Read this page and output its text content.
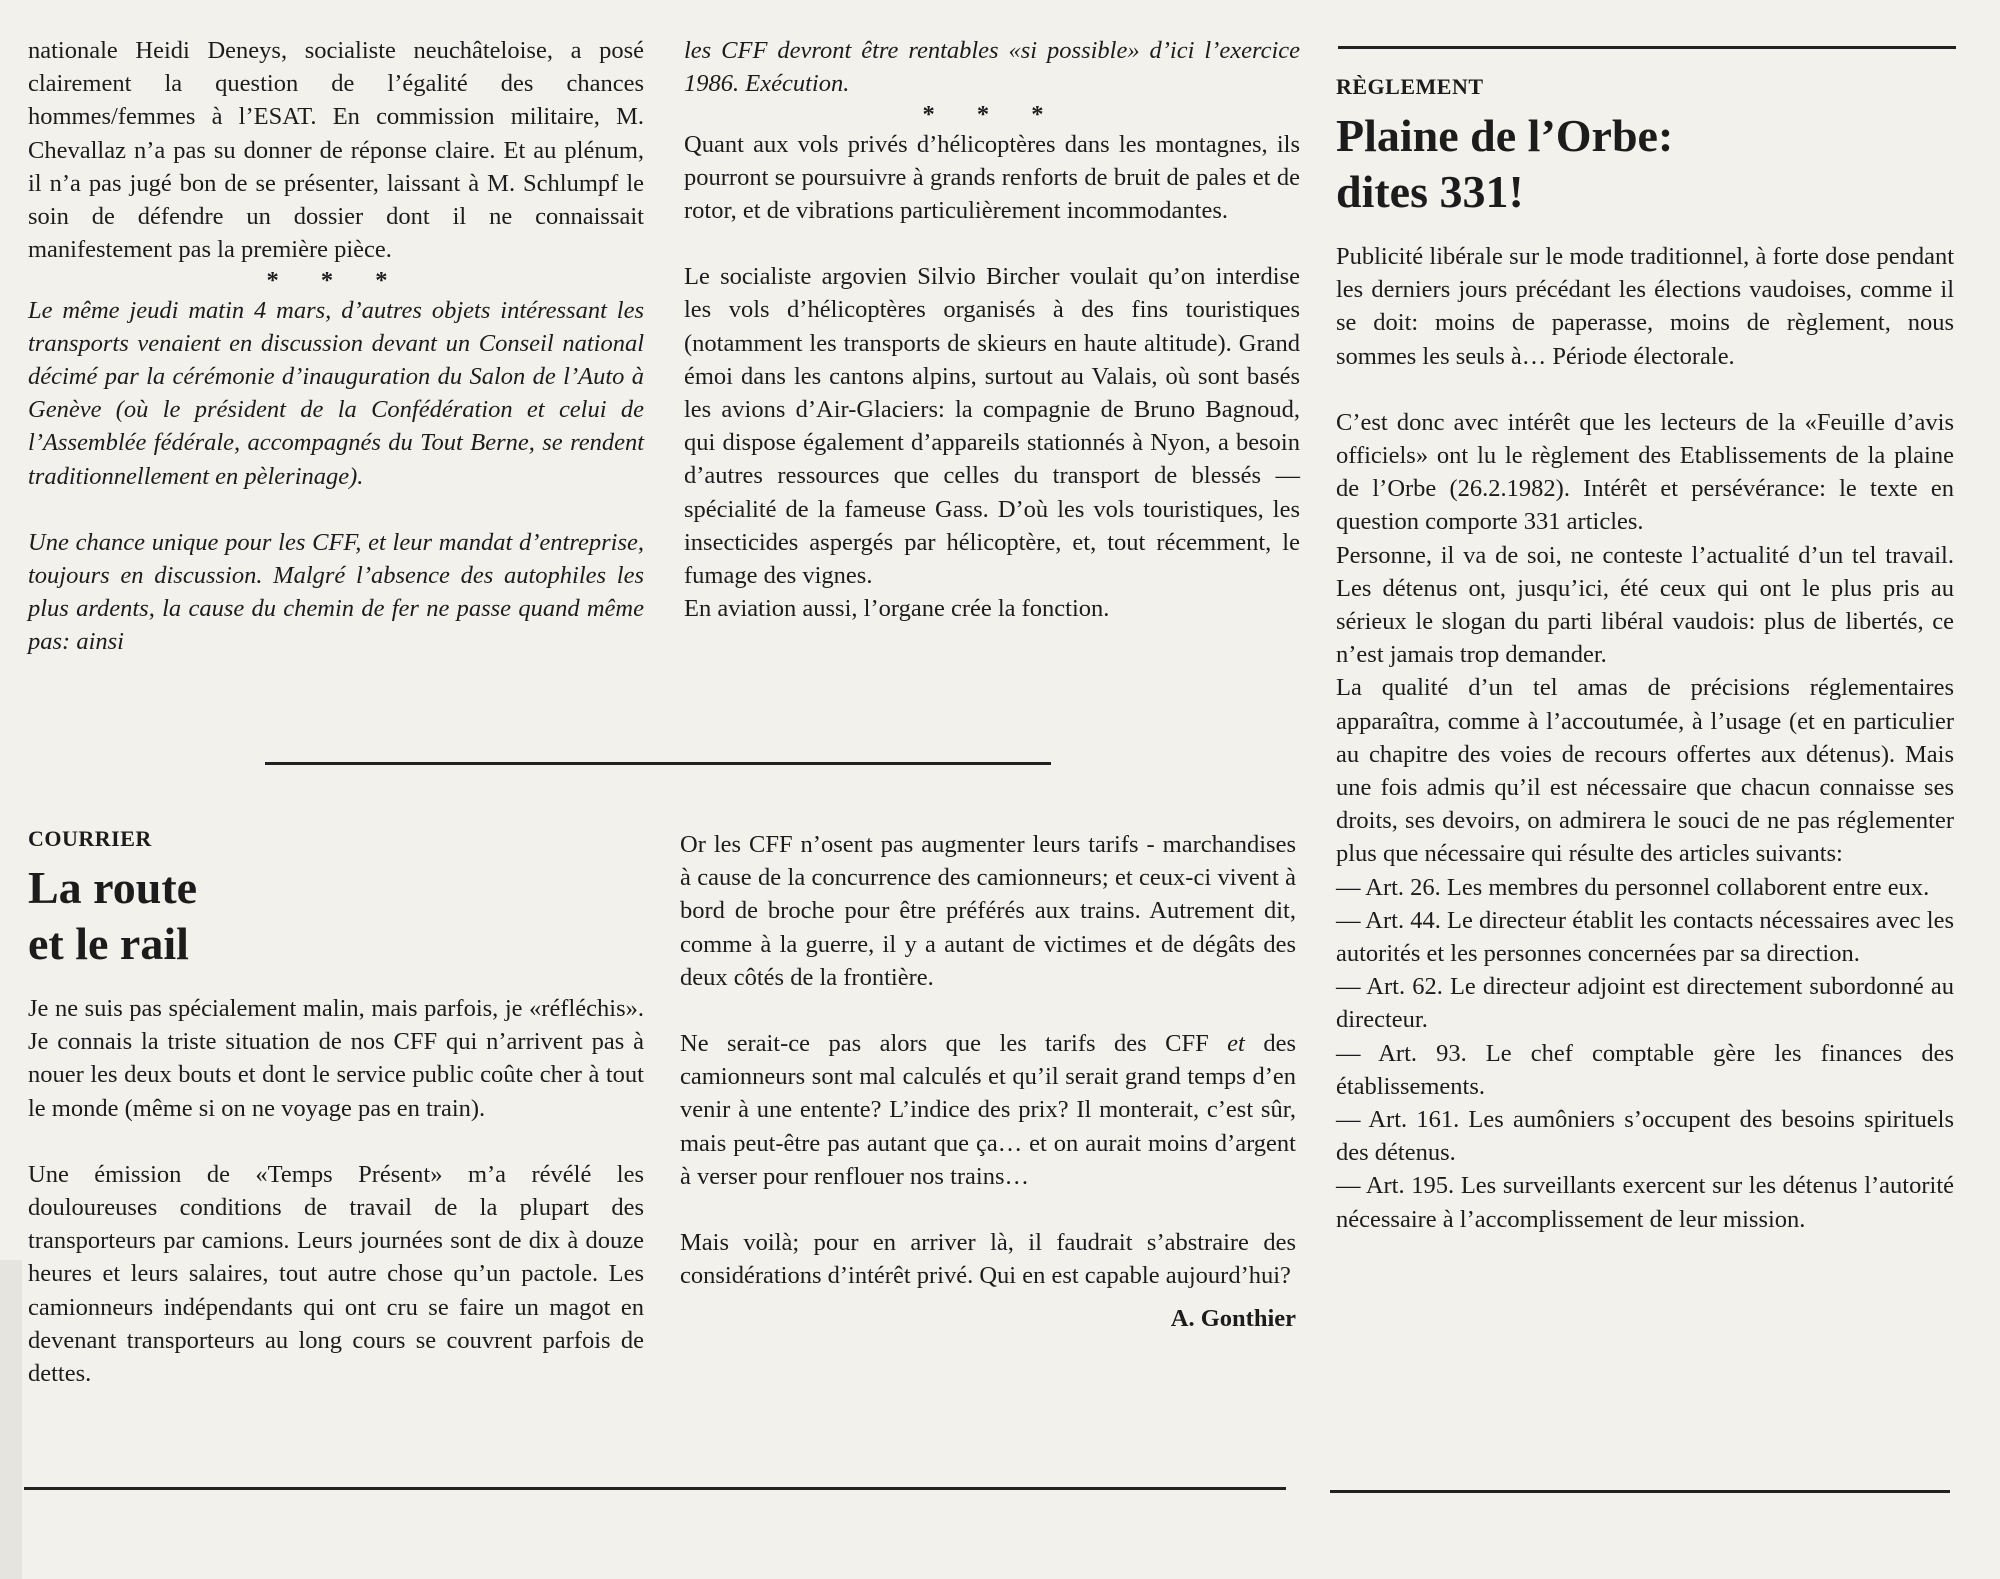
nationale Heidi Deneys, socialiste neuchâteloise, a posé clairement la question de l’égalité des chances hommes/femmes à l’ESAT. En commission militaire, M. Chevallaz n’a pas su donner de réponse claire. Et au plénum, il n’a pas jugé bon de se présenter, laissant à M. Schlumpf le soin de défendre un dossier dont il ne connaissait manifestement pas la première pièce.

* * *

Le même jeudi matin 4 mars, d’autres objets intéressant les transports venaient en discussion devant un Conseil national décimé par la cérémonie d’inauguration du Salon de l’Auto à Genève (où le président de la Confédération et celui de l’Assemblée fédérale, accompagnés du Tout Berne, se rendent traditionnellement en pèlerinage).

Une chance unique pour les CFF, et leur mandat d’entreprise, toujours en discussion. Malgré l’absence des autophiles les plus ardents, la cause du chemin de fer ne passe quand même pas: ainsi

les CFF devront être rentables «si possible» d’ici l’exercice 1986. Exécution.

* * *

Quant aux vols privés d’hélicoptères dans les montagnes, ils pourront se poursuivre à grands renforts de bruit de pales et de rotor, et de vibrations particulièrement incommodantes.

Le socialiste argovien Silvio Bircher voulait qu’on interdise les vols d’hélicoptères organisés à des fins touristiques (notamment les transports de skieurs en haute altitude). Grand émoi dans les cantons alpins, surtout au Valais, où sont basés les avions d’Air-Glaciers: la compagnie de Bruno Bagnoud, qui dispose également d’appareils stationnés à Nyon, a besoin d’autres ressources que celles du transport de blessés — spécialité de la fameuse Gass. D’où les vols touristiques, les insecticides aspergés par hélicoptère, et, tout récemment, le fumage des vignes.

En aviation aussi, l’organe crée la fonction.

COURRIER
La route
et le rail

Je ne suis pas spécialement malin, mais parfois, je «réfléchis». Je connais la triste situation de nos CFF qui n’arrivent pas à nouer les deux bouts et dont le service public coûte cher à tout le monde (même si on ne voyage pas en train).

Une émission de «Temps Présent» m’a révélé les douloureuses conditions de travail de la plupart des transporteurs par camions. Leurs journées sont de dix à douze heures et leurs salaires, tout autre chose qu’un pactole. Les camionneurs indépendants qui ont cru se faire un magot en devenant transporteurs au long cours se couvrent parfois de dettes.

Or les CFF n’osent pas augmenter leurs tarifs - marchandises à cause de la concurrence des camionneurs; et ceux-ci vivent à bord de broche pour être préférés aux trains. Autrement dit, comme à la guerre, il y a autant de victimes et de dégâts des deux côtés de la frontière.

Ne serait-ce pas alors que les tarifs des CFF et des camionneurs sont mal calculés et qu’il serait grand temps d’en venir à une entente? L’indice des prix? Il monterait, c’est sûr, mais peut-être pas autant que ça… et on aurait moins d’argent à verser pour renflouer nos trains…

Mais voilà; pour en arriver là, il faudrait s’abstraire des considérations d’intérêt privé. Qui en est capable aujourd’hui?

A. Gonthier
RÈGLEMENT
Plaine de l’Orbe:
dites 331!

Publicité libérale sur le mode traditionnel, à forte dose pendant les derniers jours précédant les élections vaudoises, comme il se doit: moins de paperasse, moins de règlement, nous sommes les seuls à… Période électorale.

C’est donc avec intérêt que les lecteurs de la «Feuille d’avis officiels» ont lu le règlement des Etablissements de la plaine de l’Orbe (26.2.1982). Intérêt et persévérance: le texte en question comporte 331 articles.

Personne, il va de soi, ne conteste l’actualité d’un tel travail. Les détenus ont, jusqu’ici, été ceux qui ont le plus pris au sérieux le slogan du parti libéral vaudois: plus de libertés, ce n’est jamais trop demander.

La qualité d’un tel amas de précisions réglementaires apparaîtra, comme à l’accoutumée, à l’usage (et en particulier au chapitre des voies de recours offertes aux détenus). Mais une fois admis qu’il est nécessaire que chacun connaisse ses droits, ses devoirs, on admirera le souci de ne pas réglementer plus que nécessaire qui résulte des articles suivants:

— Art. 26. Les membres du personnel collaborent entre eux.

— Art. 44. Le directeur établit les contacts nécessaires avec les autorités et les personnes concernées par sa direction.

— Art. 62. Le directeur adjoint est directement subordonné au directeur.

— Art. 93. Le chef comptable gère les finances des établissements.

— Art. 161. Les aumôniers s’occupent des besoins spirituels des détenus.

— Art. 195. Les surveillants exercent sur les détenus l’autorité nécessaire à l’accomplissement de leur mission.
